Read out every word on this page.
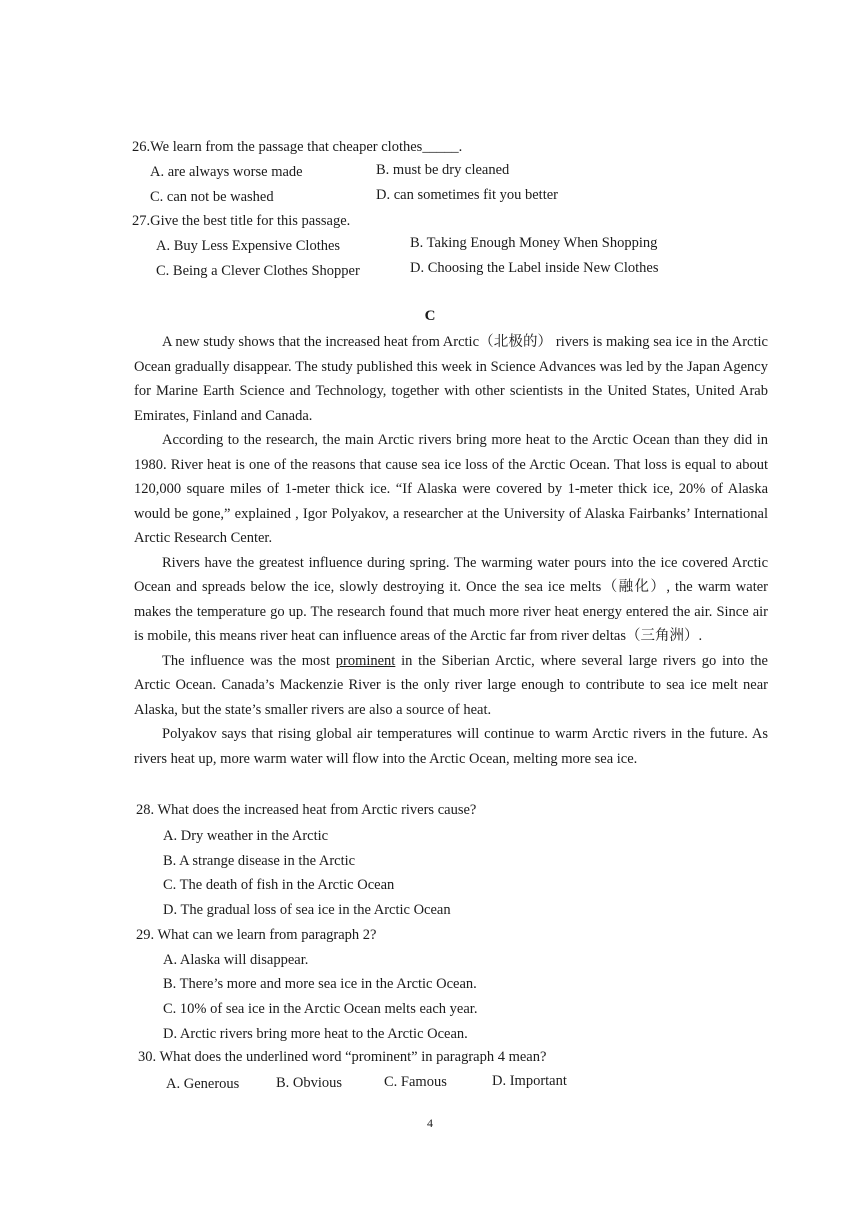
26.We learn from the passage that cheaper clothes_____.
A. are always worse made	B. must be dry cleaned
C. can not be washed	D. can sometimes fit you better
27.Give the best title for this passage.
A. Buy Less Expensive Clothes	B. Taking Enough Money When Shopping
C. Being a Clever Clothes Shopper	D. Choosing the Label inside New Clothes
C

A new study shows that the increased heat from Arctic（北极的） rivers is making sea ice in the Arctic Ocean gradually disappear. The study published this week in Science Advances was led by the Japan Agency for Marine Earth Science and Technology, together with other scientists in the United States, United Arab Emirates, Finland and Canada.

According to the research, the main Arctic rivers bring more heat to the Arctic Ocean than they did in 1980. River heat is one of the reasons that cause sea ice loss of the Arctic Ocean. That loss is equal to about 120,000 square miles of 1-meter thick ice. “If Alaska were covered by 1-meter thick ice, 20% of Alaska would be gone,” explained , Igor Polyakov, a researcher at the University of Alaska Fairbanks’ International Arctic Research Center.

Rivers have the greatest influence during spring. The warming water pours into the ice covered Arctic Ocean and spreads below the ice, slowly destroying it. Once the sea ice melts（融化）, the warm water makes the temperature go up. The research found that much more river heat energy entered the air. Since air is mobile, this means river heat can influence areas of the Arctic far from river deltas（三角洲）.

The influence was the most prominent in the Siberian Arctic, where several large rivers go into the Arctic Ocean. Canada’s Mackenzie River is the only river large enough to contribute to sea ice melt near Alaska, but the state’s smaller rivers are also a source of heat.

Polyakov says that rising global air temperatures will continue to warm Arctic rivers in the future. As rivers heat up, more warm water will flow into the Arctic Ocean, melting more sea ice.

28. What does the increased heat from Arctic rivers cause?
A. Dry weather in the Arctic
B. A strange disease in the Arctic
C. The death of fish in the Arctic Ocean
D. The gradual loss of sea ice in the Arctic Ocean
29. What can we learn from paragraph 2?
A. Alaska will disappear.
B. There’s more and more sea ice in the Arctic Ocean.
C. 10% of sea ice in the Arctic Ocean melts each year.
D. Arctic rivers bring more heat to the Arctic Ocean.
30. What does the underlined word “prominent” in paragraph 4 mean?
A. Generous	B. Obvious	C. Famous	D. Important
4
